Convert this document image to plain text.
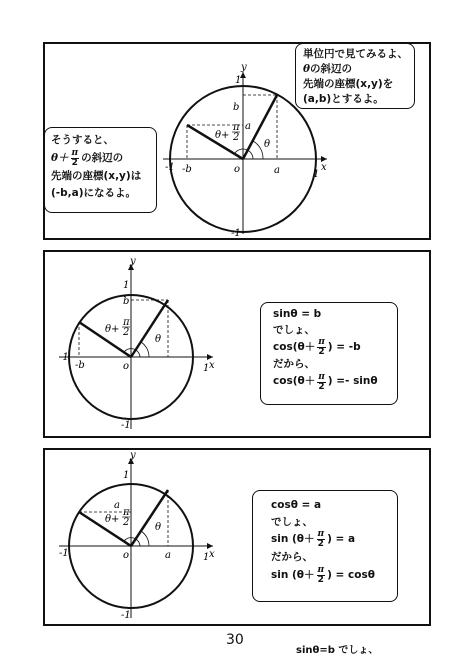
y
x
1
1
-1
-1
o
b
a
a
-b
θ
θ+
π
2
単位円で見てみるよ、
θ の斜辺の
先端の座標(x,y)を
(a,b)とするよ。
そうすると、
$\theta+ \frac{\pi}{2}$ の斜辺の
先端の座標(x,y)は
(-b,a)になるよ。
y
x
1
1
-1
-1
o
b
-b
θ
θ+
π
2
sinθ = b
でしょ、
$\cos(\theta+ \frac{\pi}{2}$ ) = -b
だから、
$\cos(\theta+ \frac{\pi}{2}$ ) =- sinθ
y
x
1
1
-1
-1
o
a
a
θ
θ+
π
2
cosθ = a
でしょ、
$\sin (\theta+ \frac{\pi}{2}$ ) = a
だから、
$\sin (\theta+ \frac{\pi}{2}$ ) = cosθ
30
sinθ=b でしょ、
